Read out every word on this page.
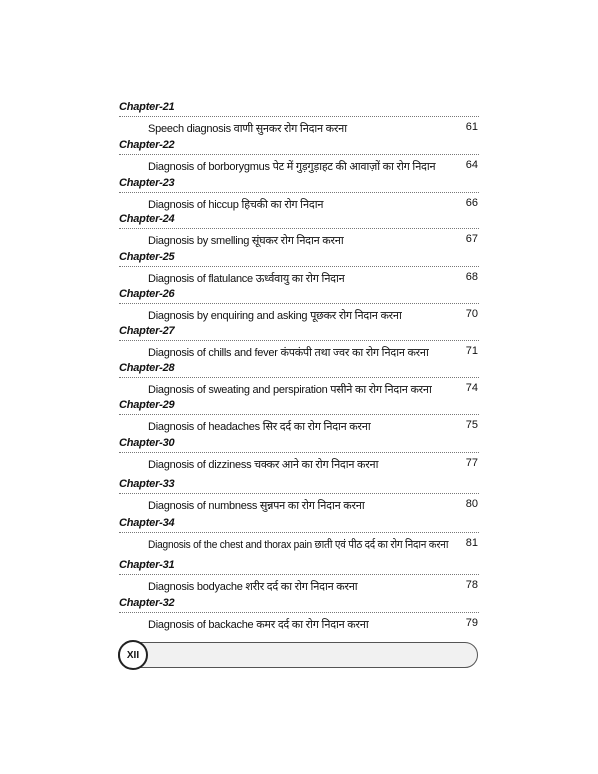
Chapter-21
Speech diagnosis वाणी सुनकर रोग निदान करना	61
Chapter-22
Diagnosis of borborygmus पेट में गुड़गुड़ाहट की आवाज़ों का रोग निदान	64
Chapter-23
Diagnosis of hiccup हिचकी का रोग निदान	66
Chapter-24
Diagnosis by smelling सूंघकर रोग निदान करना	67
Chapter-25
Diagnosis of flatulance ऊर्ध्ववायु का रोग निदान	68
Chapter-26
Diagnosis by enquiring and asking पूछकर रोग निदान करना	70
Chapter-27
Diagnosis of chills and fever कंपकंपी तथा ज्वर का रोग निदान करना	71
Chapter-28
Diagnosis of sweating and perspiration पसीने का रोग निदान करना	74
Chapter-29
Diagnosis of headaches सिर दर्द का रोग निदान करना	75
Chapter-30
Diagnosis of dizziness चक्कर आने का रोग निदान करना	77
Chapter-33
Diagnosis of numbness सुन्नपन का रोग निदान करना	80
Chapter-34
Diagnosis of the chest and thorax pain छाती एवं पीठ दर्द का रोग निदान करना 81
Chapter-31
Diagnosis bodyache शरीर दर्द का रोग निदान करना	78
Chapter-32
Diagnosis of backache कमर दर्द का रोग निदान करना	79
XII
